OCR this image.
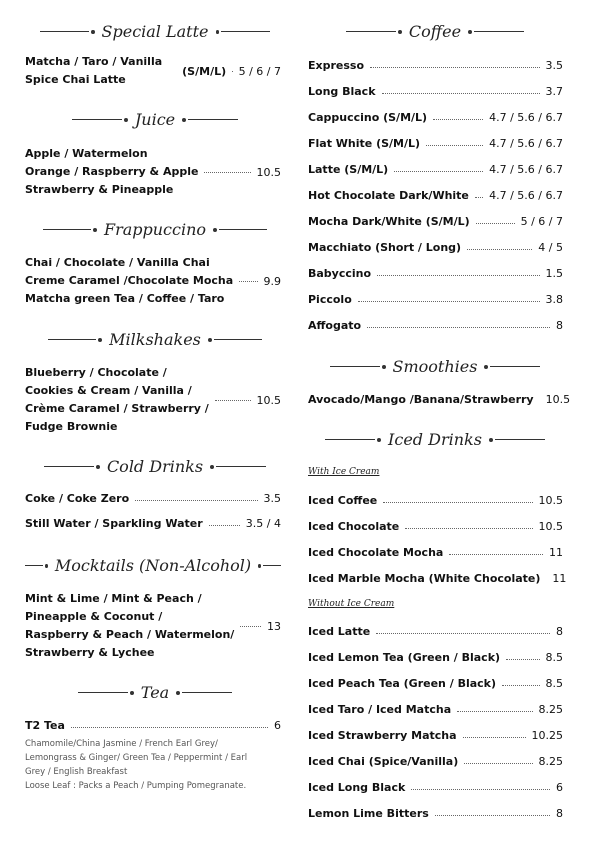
Special Latte
Matcha / Taro / Vanilla
Spice Chai Latte
(S/M/L) 5 / 6 / 7
Juice
Apple / Watermelon
Orange / Raspberry & Apple
Strawberry & Pineapple
10.5
Frappuccino
Chai / Chocolate / Vanilla Chai
Creme Caramel /Chocolate Mocha
Matcha green Tea / Coffee / Taro
9.9
Milkshakes
Blueberry / Chocolate /
Cookies & Cream / Vanilla /
Crème Caramel / Strawberry /
Fudge Brownie
10.5
Cold Drinks
Coke / Coke Zero	3.5
Still Water / Sparkling Water	3.5 / 4
Mocktails (Non-Alcohol)
Mint & Lime / Mint & Peach /
Pineapple & Coconut /
Raspberry & Peach / Watermelon/
Strawberry & Lychee
13
Tea
T2 Tea	6
Chamomile/China Jasmine / French Earl Grey/
Lemongrass & Ginger/ Green Tea / Peppermint / Earl
Grey / English Breakfast
Loose Leaf : Packs a Peach / Pumping Pomegranate.
Coffee
Expresso	3.5
Long Black	3.7
Cappuccino (S/M/L)	4.7 / 5.6 / 6.7
Flat White (S/M/L)	4.7 / 5.6 / 6.7
Latte (S/M/L)	4.7 / 5.6 / 6.7
Hot Chocolate Dark/White 4.7 / 5.6 / 6.7
Mocha Dark/White (S/M/L)	5 / 6 / 7
Macchiato (Short / Long)	4 / 5
Babyccino	1.5
Piccolo	3.8
Affogato	8
Smoothies
Avocado/Mango /Banana/Strawberry 10.5
Iced Drinks
With Ice Cream
Iced Coffee	10.5
Iced Chocolate	10.5
Iced Chocolate Mocha	11
Iced Marble Mocha (White Chocolate) 11
Without Ice Cream
Iced Latte	8
Iced Lemon Tea (Green / Black)	8.5
Iced Peach Tea (Green / Black)	8.5
Iced Taro / Iced Matcha	8.25
Iced Strawberry Matcha	10.25
Iced Chai (Spice/Vanilla)	8.25
Iced Long Black	6
Lemon Lime Bitters	8
